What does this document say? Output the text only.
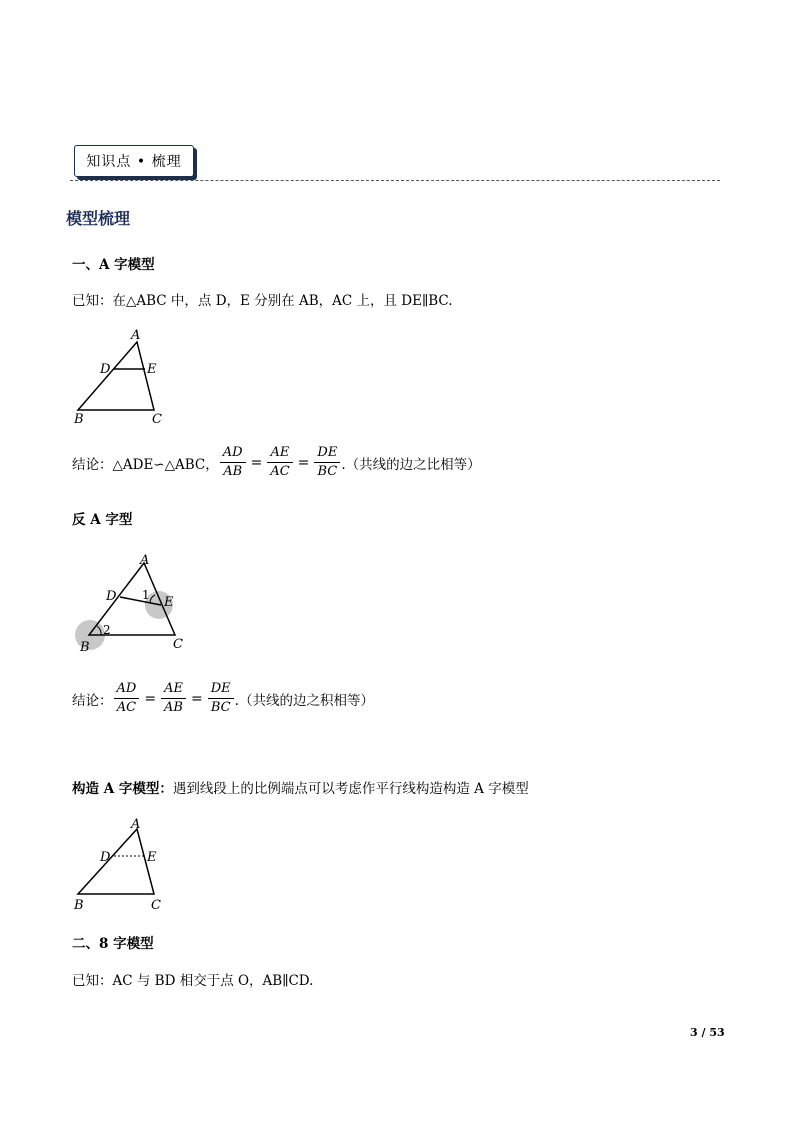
知识点 • 梳理
模型梳理
一、A 字模型
已知：在△ABC 中，点 D，E 分别在 AB，AC 上，且 DE∥BC.
A
D	E
B	C
结论：△ADE∽△ABC， $\frac{AD}{AB} = \frac{AE}{AC} = \frac{DE}{BC}$ .（共线的边之比相等）
反 A 字型
A
D	E
1
2
B	C
结论： $\frac{AD}{AC} = \frac{AE}{AB} = \frac{DE}{BC}$ .（共线的边之积相等）
构造 A 字模型：遇到线段上的比例端点可以考虑作平行线构造构造 A 字模型
A
D	E
B	C
二、8 字模型
已知：AC 与 BD 相交于点 O，AB∥CD.
3 / 53
